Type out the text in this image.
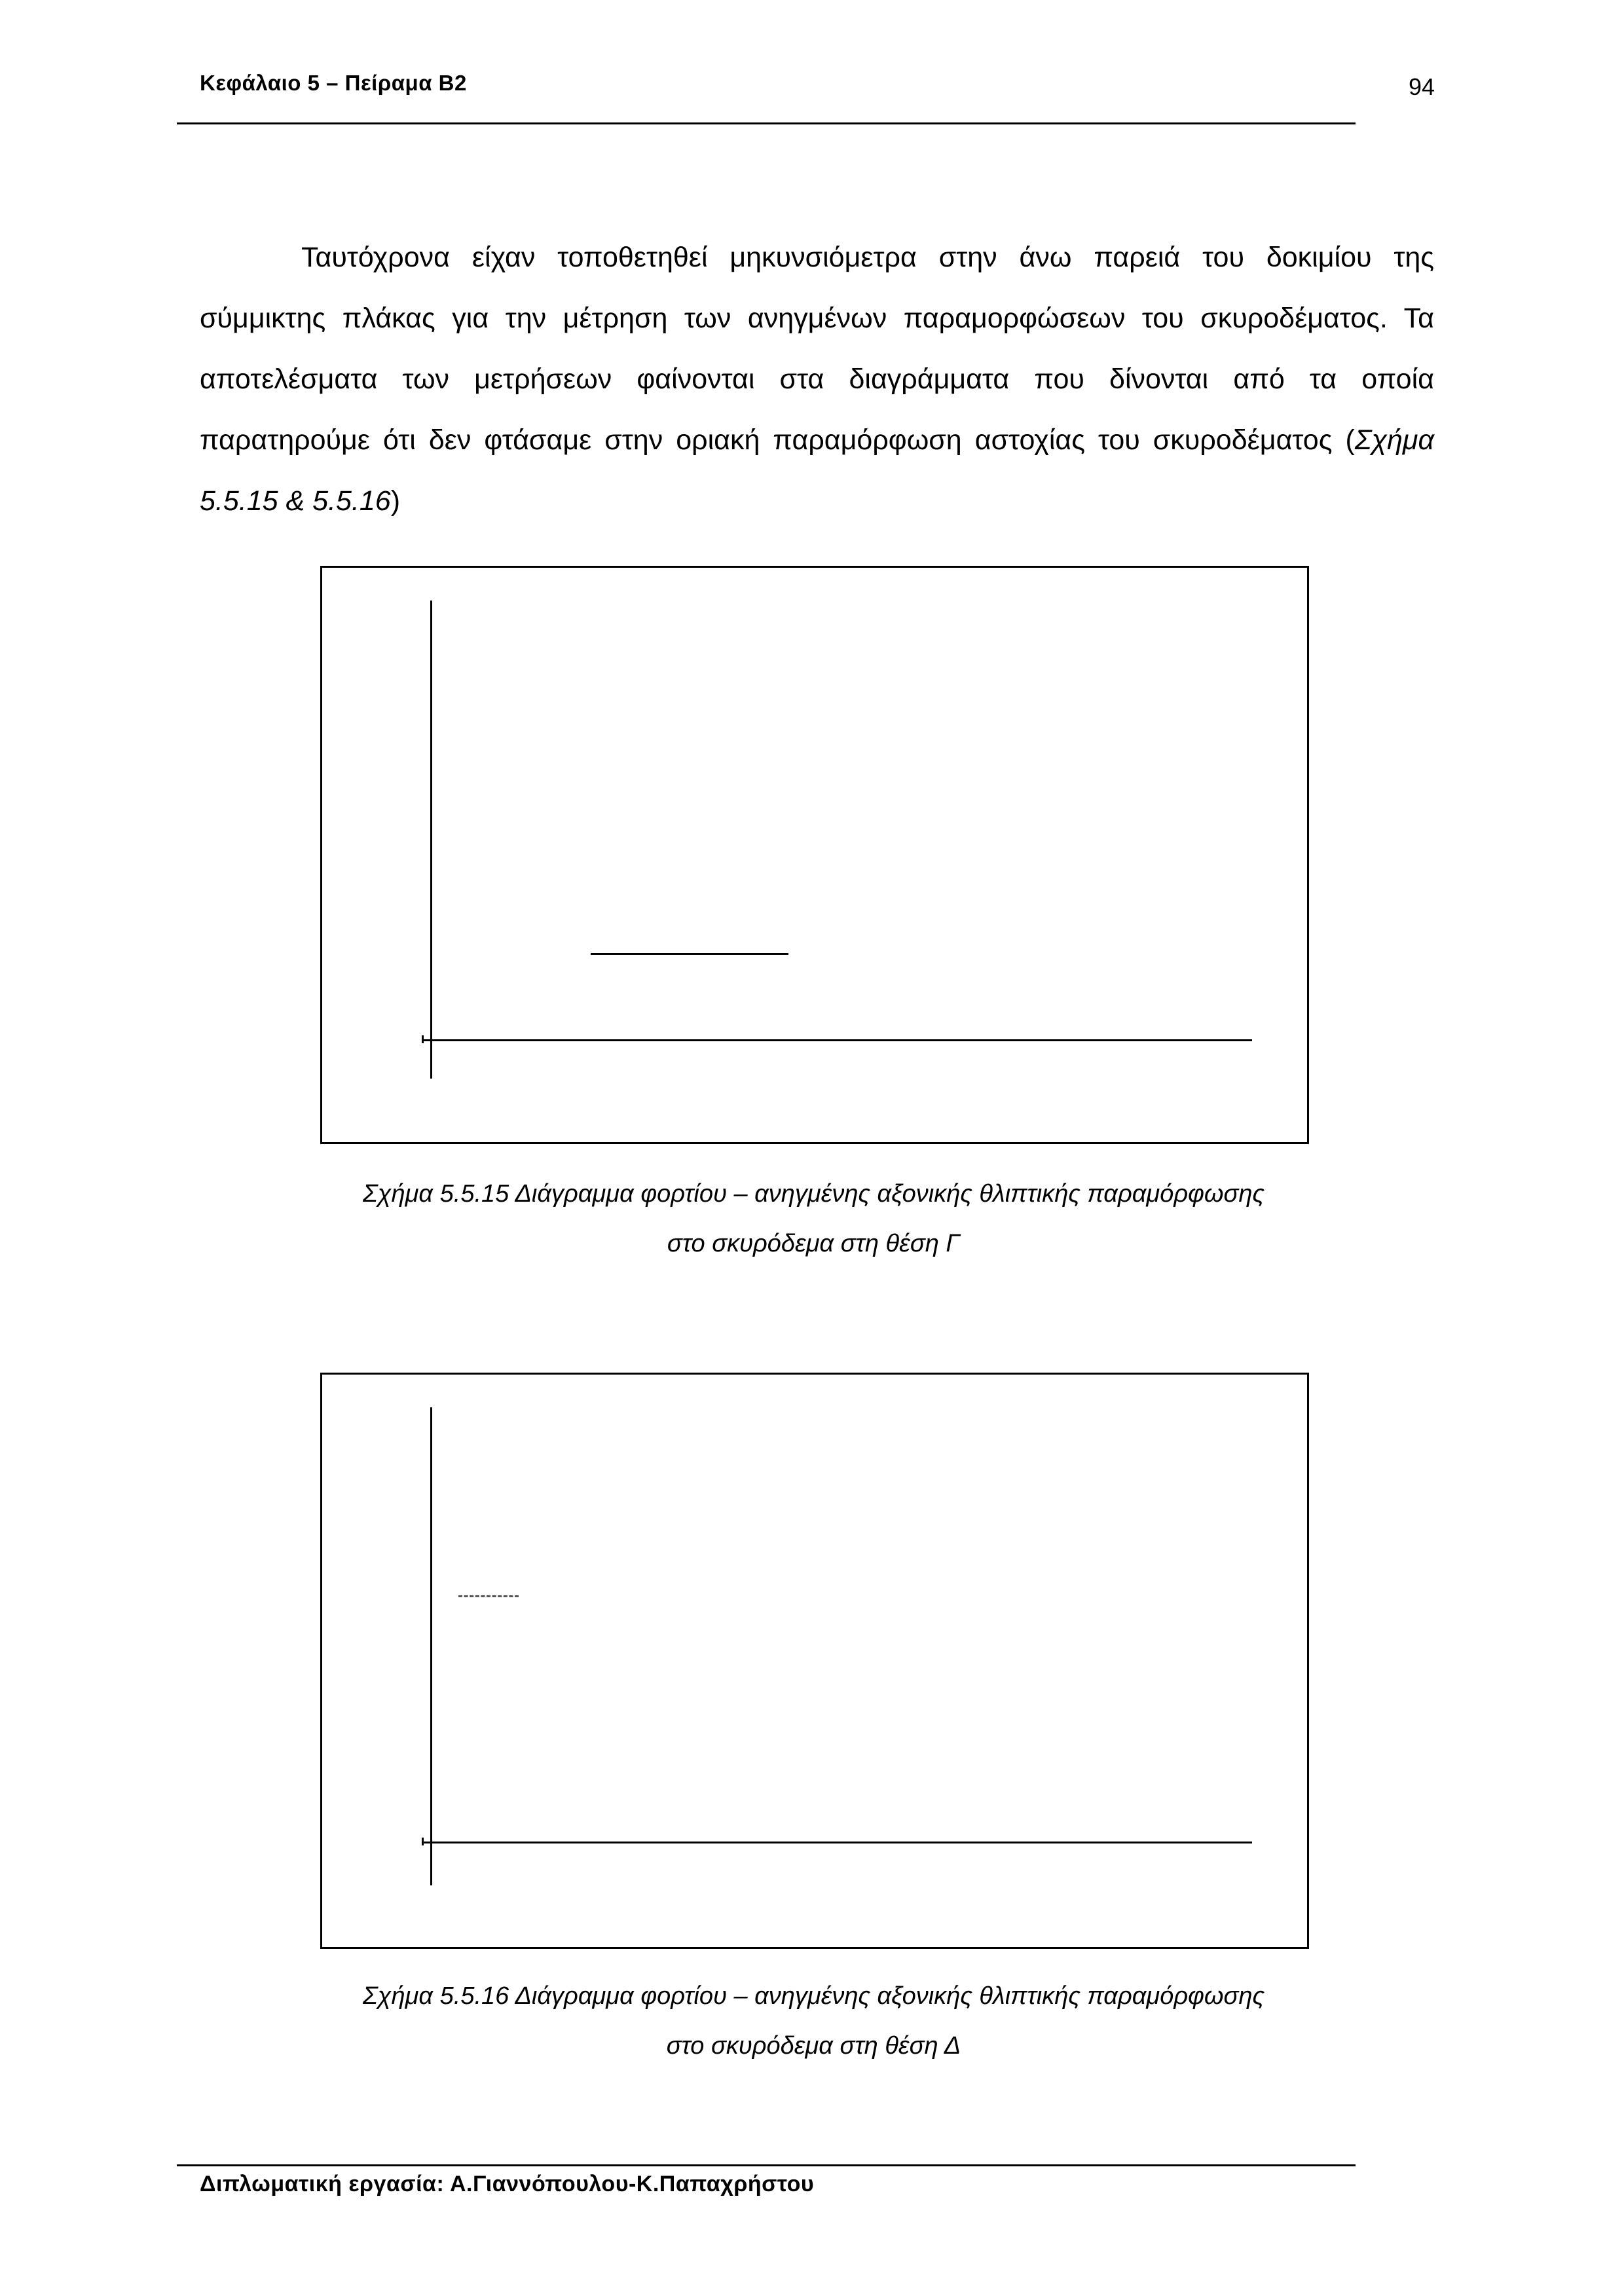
Κεφάλαιο 5 – Πείραμα Β2	94

Ταυτόχρονα είχαν τοποθετηθεί μηκυνσιόμετρα στην άνω παρειά του δοκιμίου της σύμμικτης πλάκας για την μέτρηση των ανηγμένων παραμορφώσεων του σκυροδέματος. Τα αποτελέσματα των μετρήσεων φαίνονται στα διαγράμματα που δίνονται από τα οποία παρατηρούμε ότι δεν φτάσαμε στην οριακή παραμόρφωση αστοχίας του σκυροδέματος (Σχήμα 5.5.15 & 5.5.16)

Σχήμα 5.5.15 Διάγραμμα φορτίου – ανηγμένης αξονικής θλιπτικής παραμόρφωσης
στο σκυρόδεμα στη θέση Γ
Σχήμα 5.5.16 Διάγραμμα φορτίου – ανηγμένης αξονικής θλιπτικής παραμόρφωσης
στο σκυρόδεμα στη θέση Δ
Διπλωματική εργασία: Α.Γιαννόπουλου-Κ.Παπαχρήστου
